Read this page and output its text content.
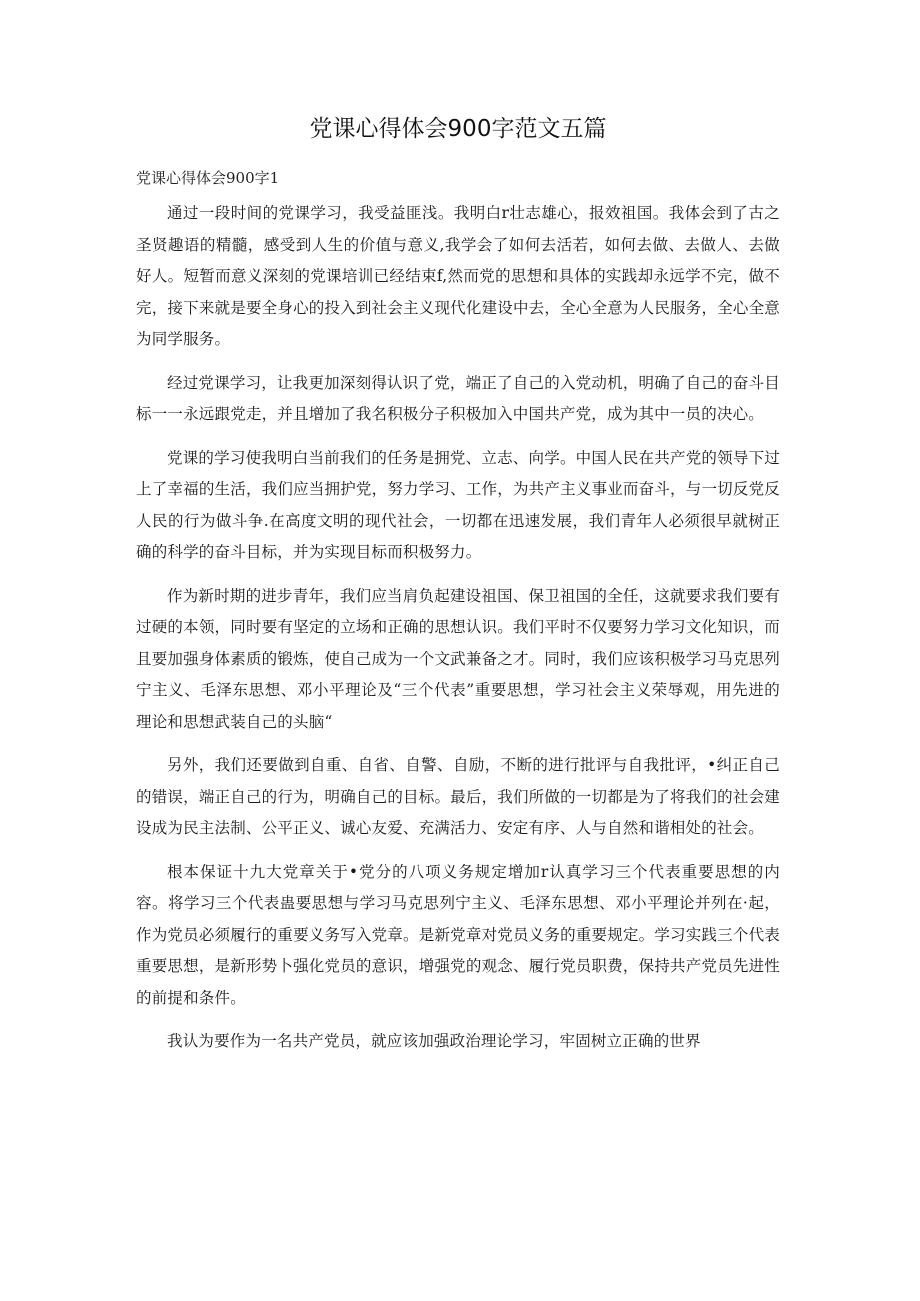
党课心得体会900字范文五篇
党课心得体会900字1

通过一段时间的党课学习，我受益匪浅。我明白r壮志雄心，报效祖国。我体会到了古之圣贤趣语的精髓，感受到人生的价值与意义,我学会了如何去活若，如何去做、去做人、去做好人。短暂而意义深刻的党课培训已经结束f,然而党的思想和具体的实践却永远学不完，做不完，接下来就是要全身心的投入到社会主义现代化建设中去，全心全意为人民服务，全心全意为同学服务。

经过党课学习，让我更加深刻得认识了党，端正了自己的入党动机，明确了自己的奋斗目标一一永远跟党走，并且增加了我名积极分子积极加入中国共产党，成为其中一员的决心。

党课的学习使我明白当前我们的任务是拥党、立志、向学。中国人民在共产党的领导下过上了幸福的生活，我们应当拥护党，努力学习、工作，为共产主义事业而奋斗，与一切反党反人民的行为做斗争.在高度文明的现代社会，一切都在迅速发展，我们青年人必须很早就树正确的科学的奋斗目标，并为实现目标而积极努力。

作为新时期的进步青年，我们应当肩负起建设祖国、保卫祖国的全任，这就要求我们要有过硬的本领，同时要有坚定的立场和正确的思想认识。我们平时不仅要努力学习文化知识，而且要加强身体素质的锻炼，使自己成为一个文武兼备之才。同时，我们应该积极学习马克思列宁主义、毛泽东思想、邓小平理论及“三个代表”重要思想，学习社会主义荣辱观，用先进的理论和思想武装自己的头脑“

另外，我们还要做到自重、自省、自警、自励，不断的进行批评与自我批评，•纠正自己的错误，端正自己的行为，明确自己的目标。最后，我们所做的一切都是为了将我们的社会建设成为民主法制、公平正义、诚心友爱、充满活力、安定有序、人与自然和谐相处的社会。

根本保证十九大党章关于•党分的八项义务规定增加r认真学习三个代表重要思想的内容。将学习三个代表蛊要思想与学习马克思列宁主义、毛泽东思想、邓小平理论并列在·起，作为党员必须履行的重要义务写入党章。是新党章对党员义务的重要规定。学习实践三个代表重要思想，是新形势卜强化党员的意识，增强党的观念、履行党员职费，保持共产党员先进性的前提和条件。

我认为要作为一名共产党员，就应该加强政治理论学习，牢固树立正确的世界
